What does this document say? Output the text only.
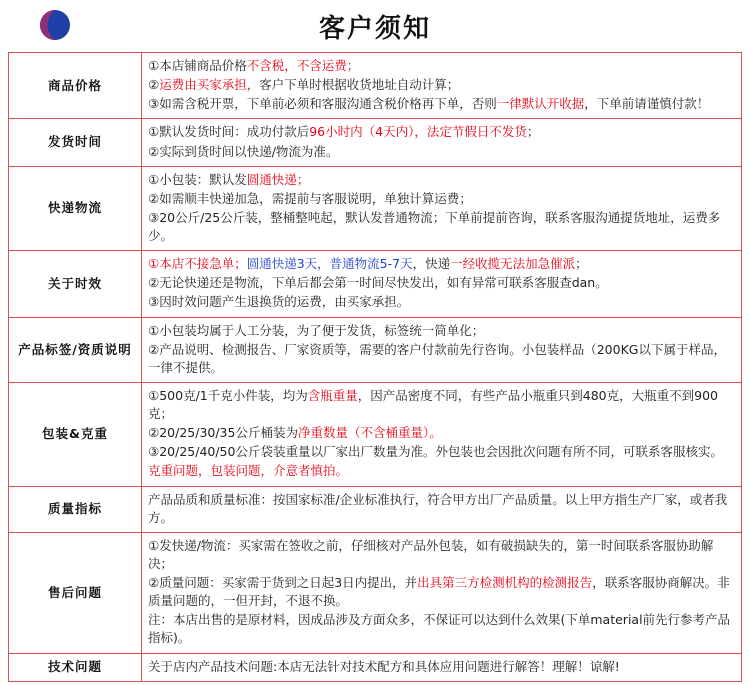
客户须知
商品价格	①本店铺商品价格不含税，不含运费；

②运费由买家承担，客户下单时根据收货地址自动计算；

③如需含税开票，下单前必须和客服沟通含税价格再下单，否则一律默认开收据，下单前请谨慎付款！

发货时间	①默认发货时间：成功付款后96小时内（4天内），法定节假日不发货；

②实际到货时间以快递/物流为准。

快递物流	①小包装：默认发圆通快递；

②如需顺丰快递加急，需提前与客服说明，单独计算运费；

③20公斤/25公斤装，整桶整吨起，默认发普通物流；下单前提前咨询，联系客服沟通提货地址，运费多少。

关于时效	①本店不接急单；圆通快递3天，普通物流5-7天，快递一经收揽无法加急催派；

②无论快递还是物流，下单后都会第一时间尽快发出，如有异常可联系客服查dan。

③因时效问题产生退换货的运费，由买家承担。

产品标签/资质说明	①小包装均属于人工分装，为了便于发货，标签统一简单化；

②产品说明、检测报告、厂家资质等，需要的客户付款前先行咨询。小包装样品（200KG以下属于样品，一律不提供。

包装&克重	①500克/1千克小件装，均为含瓶重量，因产品密度不同，有些产品小瓶重只到480克，大瓶重不到900克；

②20/25/30/35公斤桶装为净重数量（不含桶重量）。

③20/25/40/50公斤袋装重量以厂家出厂数量为准。外包装也会因批次问题有所不同，可联系客服核实。

克重问题，包装问题，介意者慎拍。

质量指标	产品品质和质量标准：按国家标准/企业标准执行，符合甲方出厂产品质量。以上甲方指生产厂家，或者我方。

售后问题	①发快递/物流：买家需在签收之前，仔细核对产品外包装，如有破损缺失的，第一时间联系客服协助解决；

②质量问题：买家需于货到之日起3日内提出，并出具第三方检测机构的检测报告，联系客服协商解决。非质量问题的，一但开封，不退不换。

注：本店出售的是原材料，因成品涉及方面众多，不保证可以达到什么效果(下单material前先行参考产品指标)。

技术问题	关于店内产品技术问题:本店无法针对技术配方和具体应用问题进行解答！理解！谅解!
